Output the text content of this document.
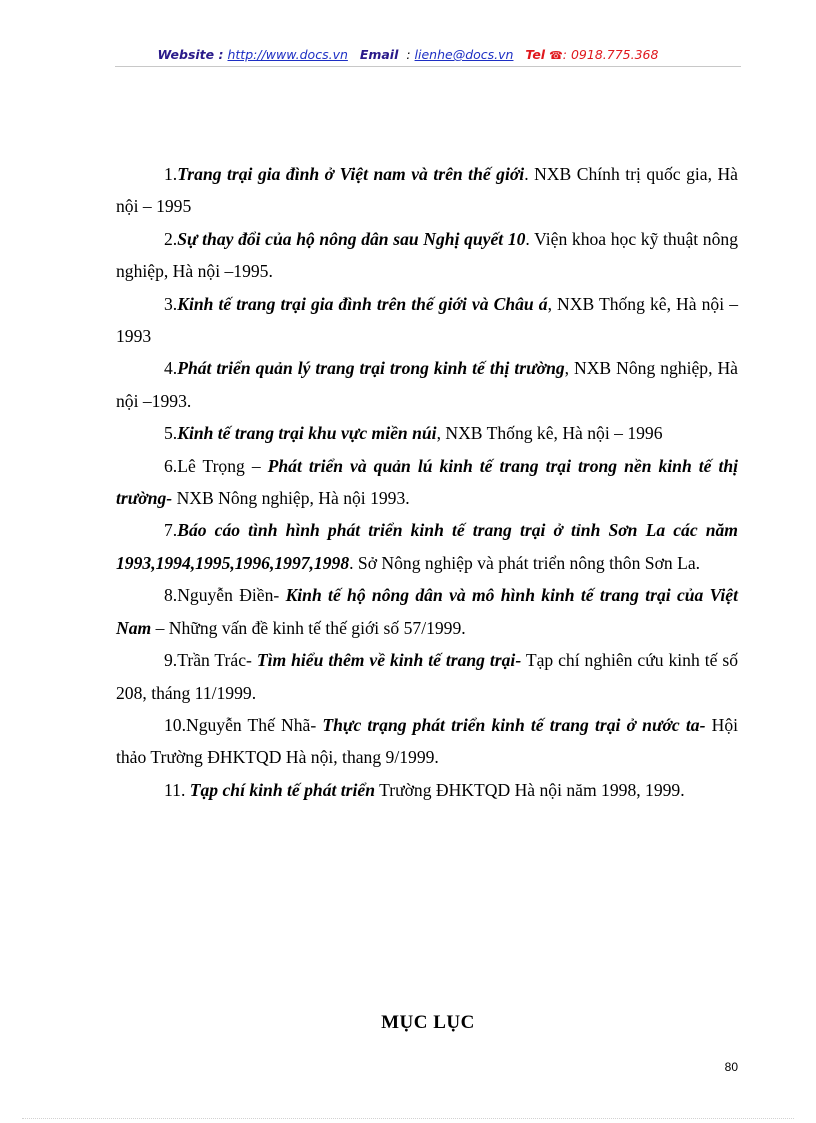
Website : http://www.docs.vn Email : lienhe@docs.vn Tel ☎: 0918.775.368

1.Trang trại gia đình ở Việt nam và trên thế giới. NXB Chính trị quốc gia, Hà nội – 1995

2.Sự thay đổi của hộ nông dân sau Nghị quyết 10. Viện khoa học kỹ thuật nông nghiệp, Hà nội –1995.

3.Kinh tế trang trại gia đình trên thế giới và Châu á, NXB Thống kê, Hà nội –1993

4.Phát triển quản lý trang trại trong kinh tế thị trường, NXB Nông nghiệp, Hà nội –1993.

5.Kinh tế trang trại khu vực miền núi, NXB Thống kê, Hà nội – 1996

6.Lê Trọng – Phát triển và quản lú kinh tế trang trại trong nền kinh tế thị trường- NXB Nông nghiệp, Hà nội 1993.

7.Báo cáo tình hình phát triển kinh tế trang trại ở tỉnh Sơn La các năm 1993,1994,1995,1996,1997,1998. Sở Nông nghiệp và phát triển nông thôn Sơn La.

8.Nguyễn Điền- Kinh tế hộ nông dân và mô hình kinh tế trang trại của Việt Nam – Những vấn đề kinh tế thế giới số 57/1999.

9.Trần Trác- Tìm hiểu thêm về kinh tế trang trại- Tạp chí nghiên cứu kinh tế số 208, tháng 11/1999.

10.Nguyễn Thế Nhã- Thực trạng phát triển kinh tế trang trại ở nước ta- Hội thảo Trường ĐHKTQD Hà nội, thang 9/1999.

11. Tạp chí kinh tế phát triển Trường ĐHKTQD Hà nội năm 1998, 1999.

MỤC LỤC
80
